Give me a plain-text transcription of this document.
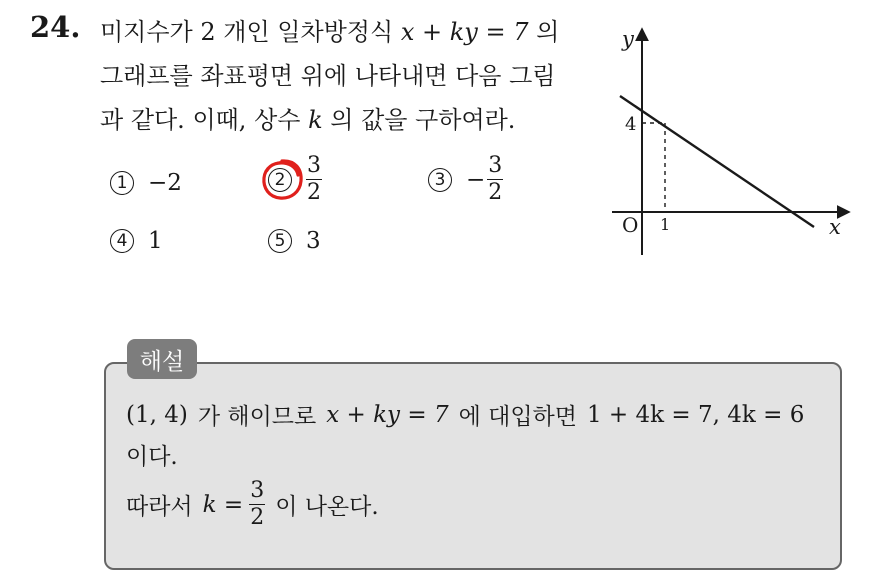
24. 미지수가 2 개인 일차방정식 x + ky = 7 의
그래프를 좌표평면 위에 나타내면 다음 그림
과 같다. 이때, 상수 k 의 값을 구하여라.
1 −2	$2 \frac{3}{2}$	$3 - \frac{3}{2}$
4 1	5 3
y
x
O
4
1
해설
(1, 4) 가 해이므로 x + ky = 7 에 대입하면 1 + 4k = 7, 4k = 6
이다.
따라서 $k = \frac{3}{2}$ 이 나온다.
